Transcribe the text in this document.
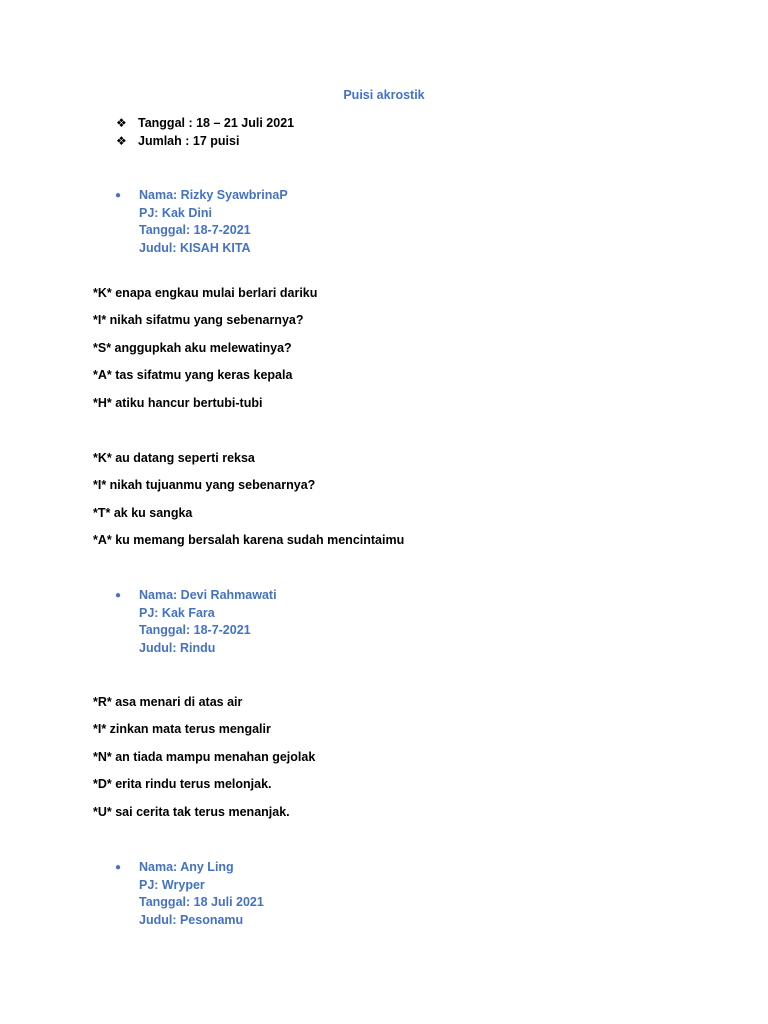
Puisi akrostik
❖ Tanggal : 18 – 21 Juli 2021
❖ Jumlah : 17 puisi
●	Nama: Rizky SyawbrinaP
PJ: Kak Dini
Tanggal: 18-7-2021
Judul: KISAH KITA
*K* enapa engkau mulai berlari dariku
*I* nikah sifatmu yang sebenarnya?
*S* anggupkah aku melewatinya?
*A* tas sifatmu yang keras kepala
*H* atiku hancur bertubi-tubi
*K* au datang seperti reksa
*I* nikah tujuanmu yang sebenarnya?
*T* ak ku sangka
*A* ku memang bersalah karena sudah mencintaimu
●	Nama: Devi Rahmawati
PJ: Kak Fara
Tanggal: 18-7-2021
Judul: Rindu
*R* asa menari di atas air
*I* zinkan mata terus mengalir
*N* an tiada mampu menahan gejolak
*D* erita rindu terus melonjak.
*U* sai cerita tak terus menanjak.
●	Nama: Any Ling
PJ: Wryper
Tanggal: 18 Juli 2021
Judul: Pesonamu
